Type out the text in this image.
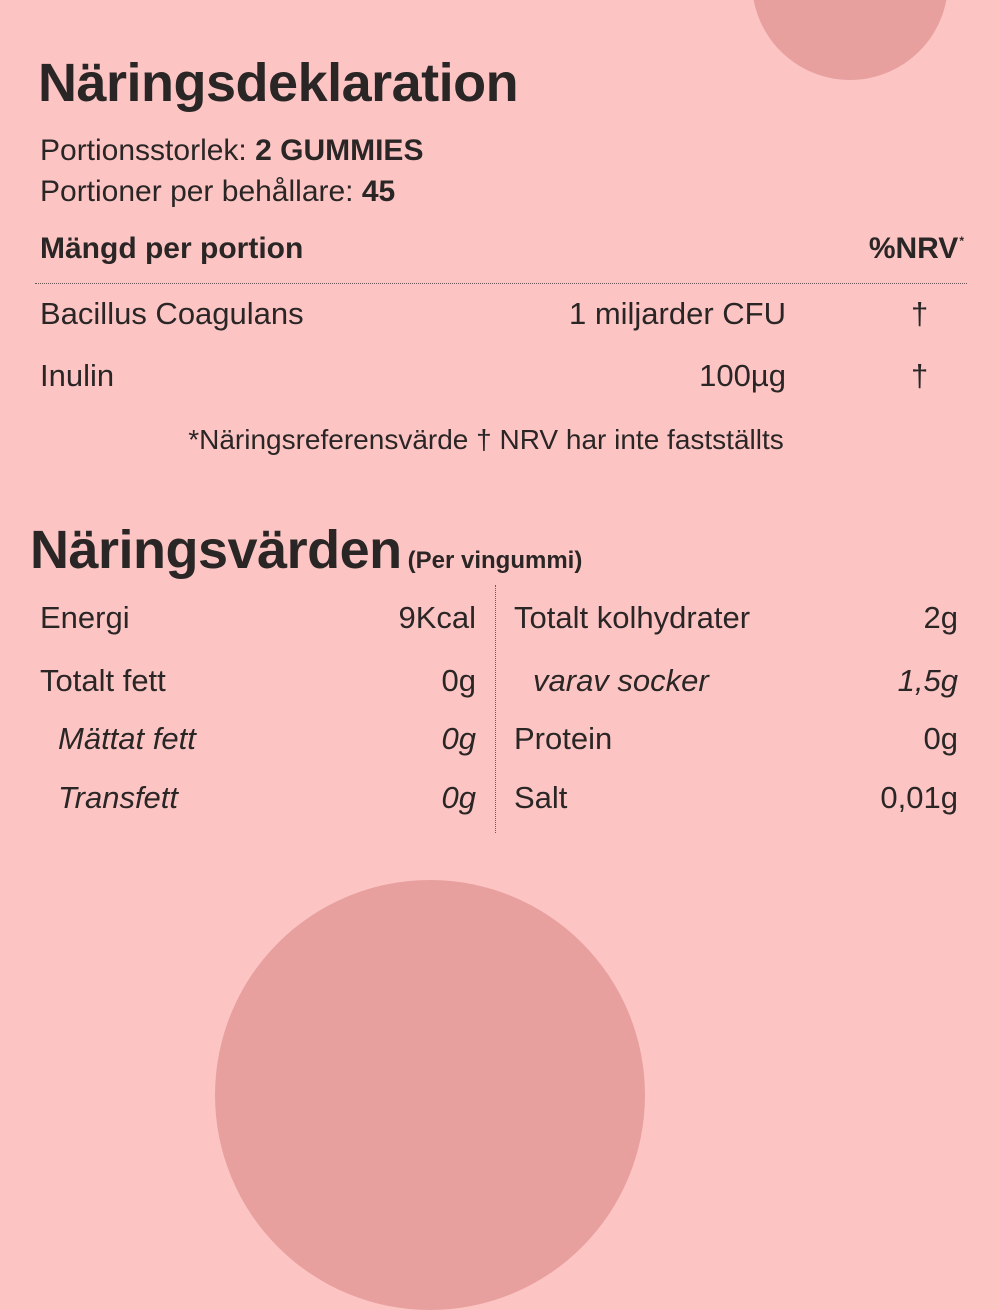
Näringsdeklaration
Portionsstorlek: 2 GUMMIES
Portioner per behållare: 45
Mängd per portion	%NRV*
Bacillus Coagulans	1 miljarder CFU	†
Inulin	100µg	†
*Näringsreferensvärde † NRV har inte fastställts
Näringsvärden (Per vingummi)
Energi	9Kcal
Totalt fett	0g
Mättat fett	0g
Transfett	0g
Totalt kolhydrater	2g
varav socker	1,5g
Protein	0g
Salt	0,01g
